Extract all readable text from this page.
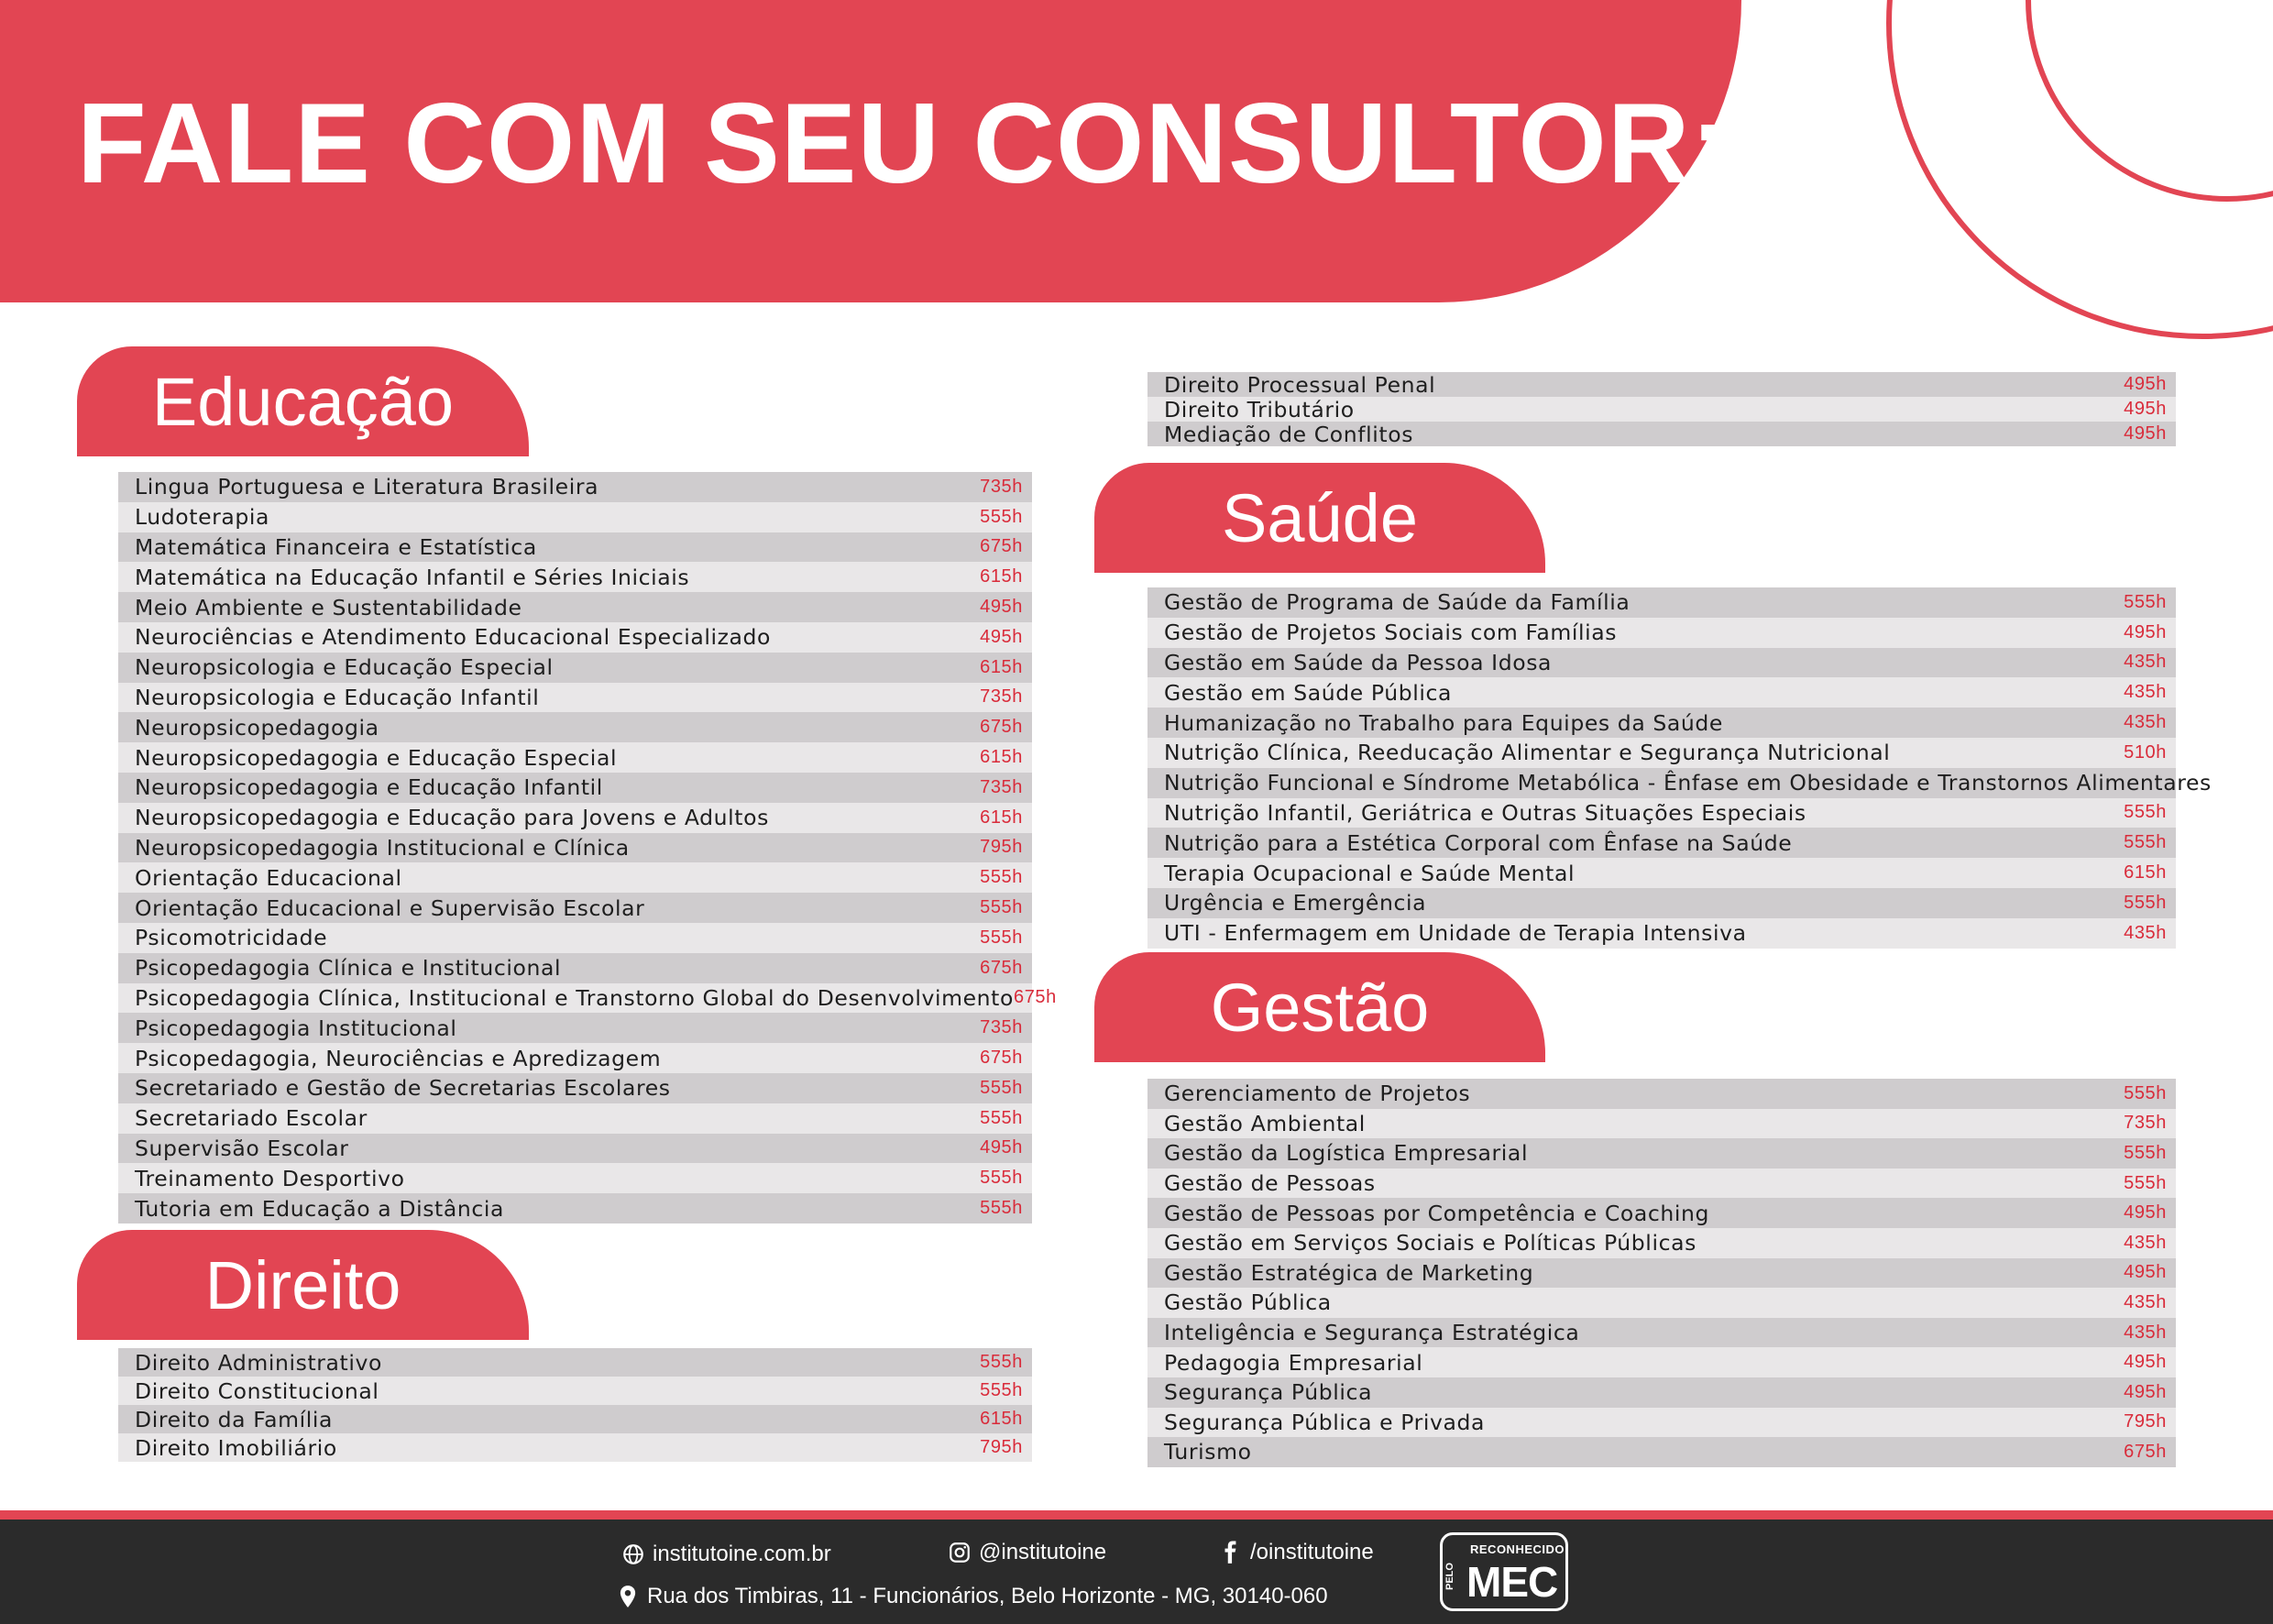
FALE COM SEU CONSULTOR:
Educação
Lingua Portuguesa e Literatura Brasileira	735h
Ludoterapia	555h
Matemática Financeira e Estatística	675h
Matemática na Educação Infantil e Séries Iniciais	615h
Meio Ambiente e Sustentabilidade	495h
Neurociências e Atendimento Educacional Especializado	495h
Neuropsicologia e Educação Especial	615h
Neuropsicologia e Educação Infantil	735h
Neuropsicopedagogia	675h
Neuropsicopedagogia e Educação Especial	615h
Neuropsicopedagogia e Educação Infantil	735h
Neuropsicopedagogia e Educação para Jovens e Adultos	615h
Neuropsicopedagogia Institucional e Clínica	795h
Orientação Educacional	555h
Orientação Educacional e Supervisão Escolar	555h
Psicomotricidade	555h
Psicopedagogia Clínica e Institucional	675h
Psicopedagogia Clínica, Institucional e Transtorno Global do Desenvolvimento 675h
Psicopedagogia Institucional	735h
Psicopedagogia, Neurociências e Apredizagem	675h
Secretariado e Gestão de Secretarias Escolares	555h
Secretariado Escolar	555h
Supervisão Escolar	495h
Treinamento Desportivo	555h
Tutoria em Educação a Distância	555h
Direito
Direito Administrativo	555h
Direito Constitucional	555h
Direito da Família	615h
Direito Imobiliário	795h
Direito Processual Penal	495h
Direito Tributário	495h
Mediação de Conflitos	495h
Saúde
Gestão de Programa de Saúde da Família	555h
Gestão de Projetos Sociais com Famílias	495h
Gestão em Saúde da Pessoa Idosa	435h
Gestão em Saúde Pública	435h
Humanização no Trabalho para Equipes da Saúde	435h
Nutrição Clínica, Reeducação Alimentar e Segurança Nutricional	510h
Nutrição Funcional e Síndrome Metabólica - Ênfase em Obesidade e Transtornos Alimentares
Nutrição Infantil, Geriátrica e Outras Situações Especiais	555h
Nutrição para a Estética Corporal com Ênfase na Saúde	555h
Terapia Ocupacional e Saúde Mental	615h
Urgência e Emergência	555h
UTI - Enfermagem em Unidade de Terapia Intensiva	435h
Gestão
Gerenciamento de Projetos	555h
Gestão Ambiental	735h
Gestão da Logística Empresarial	555h
Gestão de Pessoas	555h
Gestão de Pessoas por Competência e Coaching	495h
Gestão em Serviços Sociais e Políticas Públicas	435h
Gestão Estratégica de Marketing	495h
Gestão Pública	435h
Inteligência e Segurança Estratégica	435h
Pedagogia Empresarial	495h
Segurança Pública	495h
Segurança Pública e Privada	795h
Turismo	675h
institutoine.com.br	@institutoine	/oinstitutoine
Rua dos Timbiras, 11 - Funcionários, Belo Horizonte - MG, 30140-060
RECONHECIDO
PELO MEC
